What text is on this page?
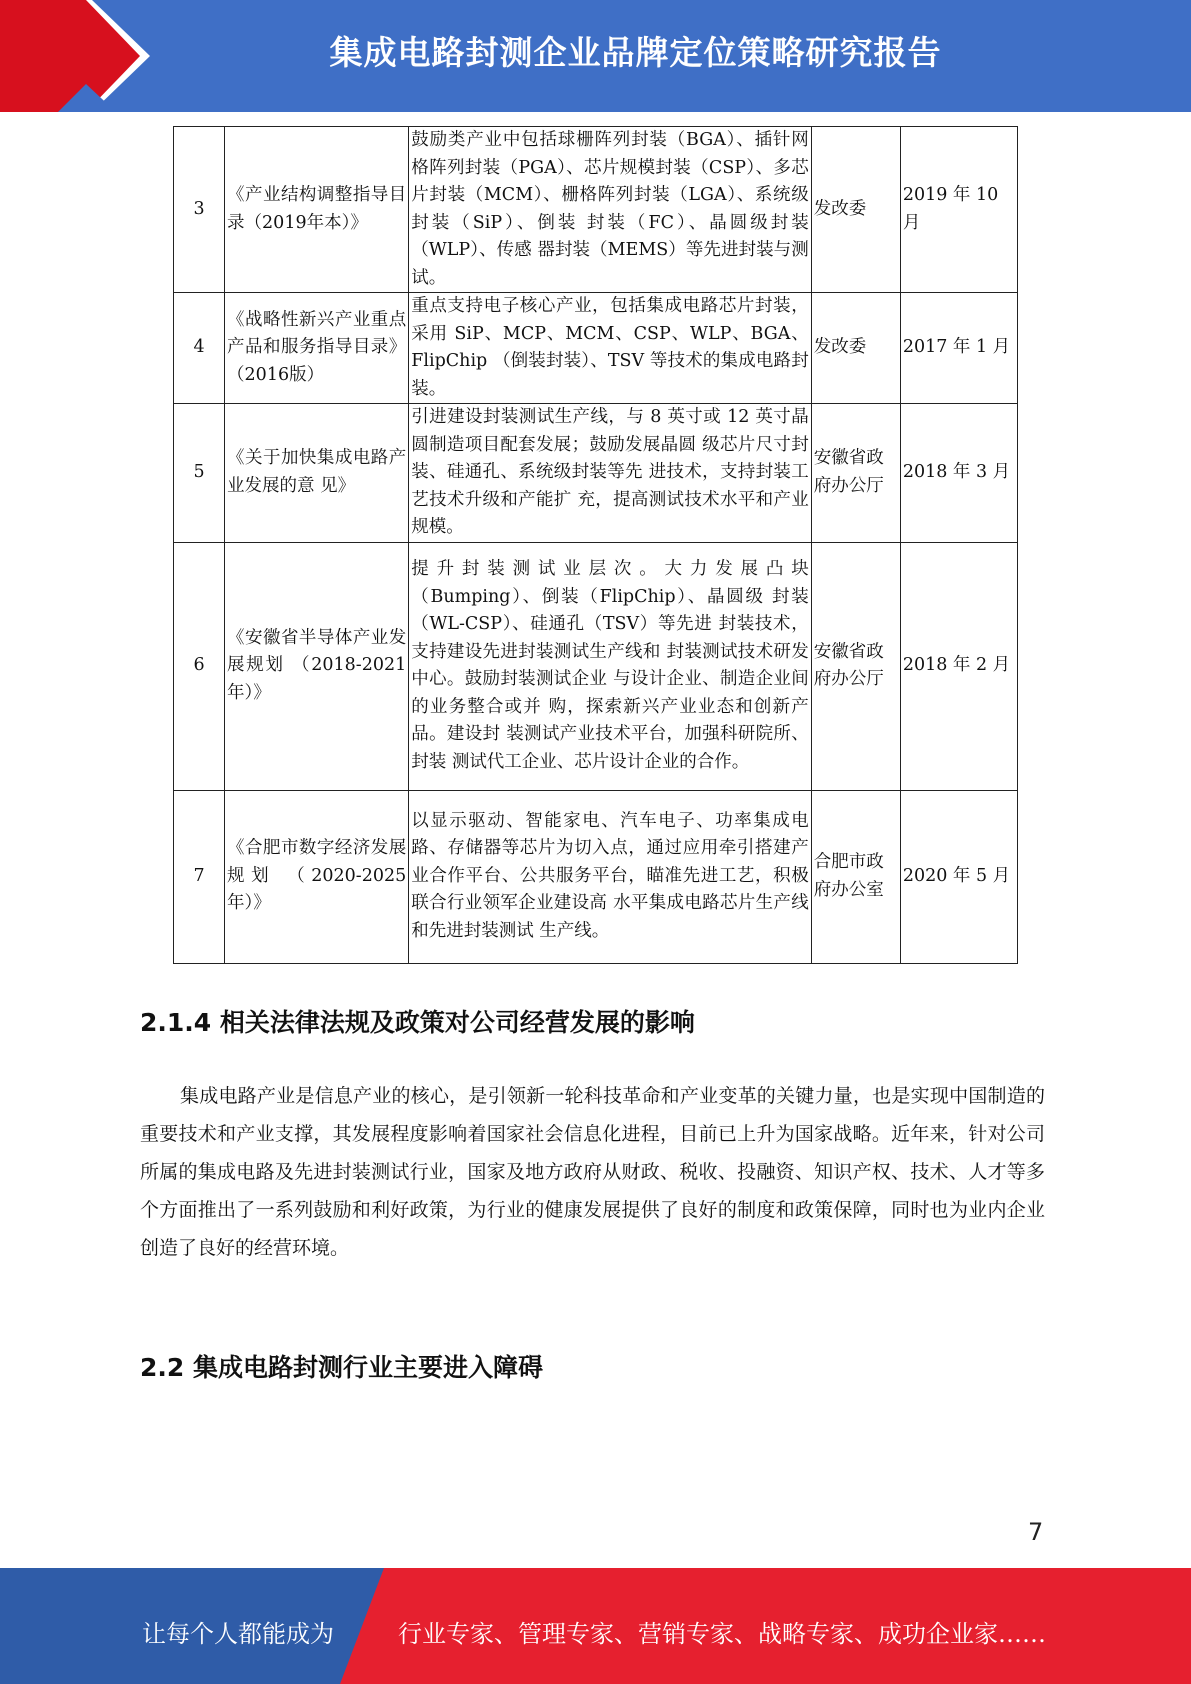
集成电路封测企业品牌定位策略研究报告
3	《产业结构调整指导目录（2019年本）》	鼓励类产业中包括球栅阵列封装（BGA）、插针网格阵列封装（PGA）、芯片规模封装（CSP）、多芯片封装（MCM）、栅格阵列封装（LGA）、系统级封装（SiP）、倒装 封装（FC）、晶圆级封装（WLP）、传感 器封装（MEMS）等先进封装与测试。	发改委	2019 年 10 月
4	《战略性新兴产业重点产品和服务指导目录》（2016版）	重点支持电子核心产业，包括集成电路芯片封装，采用 SiP、MCP、MCM、CSP、WLP、BGA、FlipChip （倒装封装）、TSV 等技术的集成电路封装。	发改委	2017 年 1 月
5	《关于加快集成电路产业发展的意 见》	引进建设封装测试生产线，与 8 英寸或 12 英寸晶圆制造项目配套发展；鼓励发展晶圆 级芯片尺寸封装、硅通孔、系统级封装等先 进技术，支持封装工艺技术升级和产能扩 充，提高测试技术水平和产业规模。	安徽省政府办公厅	2018 年 3 月
6	《安徽省半导体产业发展规划 （2018-2021 年）》	提升封装测试业层次。大力发展凸块（Bumping）、倒装（FlipChip）、晶圆级 封装（WL-CSP）、硅通孔（TSV）等先进 封装技术，支持建设先进封装测试生产线和 封装测试技术研发中心。鼓励封装测试企业 与设计企业、制造企业间的业务整合或并 购，探索新兴产业业态和创新产品。建设封 装测试产业技术平台，加强科研院所、封装 测试代工企业、芯片设计企业的合作。	安徽省政府办公厅	2018 年 2 月
7	《合肥市数字经济发展规划 （2020-2025 年）》	以显示驱动、智能家电、汽车电子、功率集成电路、存储器等芯片为切入点，通过应用牵引搭建产业合作平台、公共服务平台，瞄准先进工艺，积极联合行业领军企业建设高 水平集成电路芯片生产线和先进封装测试 生产线。	合肥市政府办公室	2020 年 5 月
2.1.4 相关法律法规及政策对公司经营发展的影响

集成电路产业是信息产业的核心，是引领新一轮科技革命和产业变革的关键力量，也是实现中国制造的重要技术和产业支撑，其发展程度影响着国家社会信息化进程，目前已上升为国家战略。近年来，针对公司所属的集成电路及先进封装测试行业，国家及地方政府从财政、税收、投融资、知识产权、技术、人才等多个方面推出了一系列鼓励和利好政策，为行业的健康发展提供了良好的制度和政策保障，同时也为业内企业创造了良好的经营环境。

2.2 集成电路封测行业主要进入障碍
7
让每个人都能成为	行业专家、管理专家、营销专家、战略专家、成功企业家……
